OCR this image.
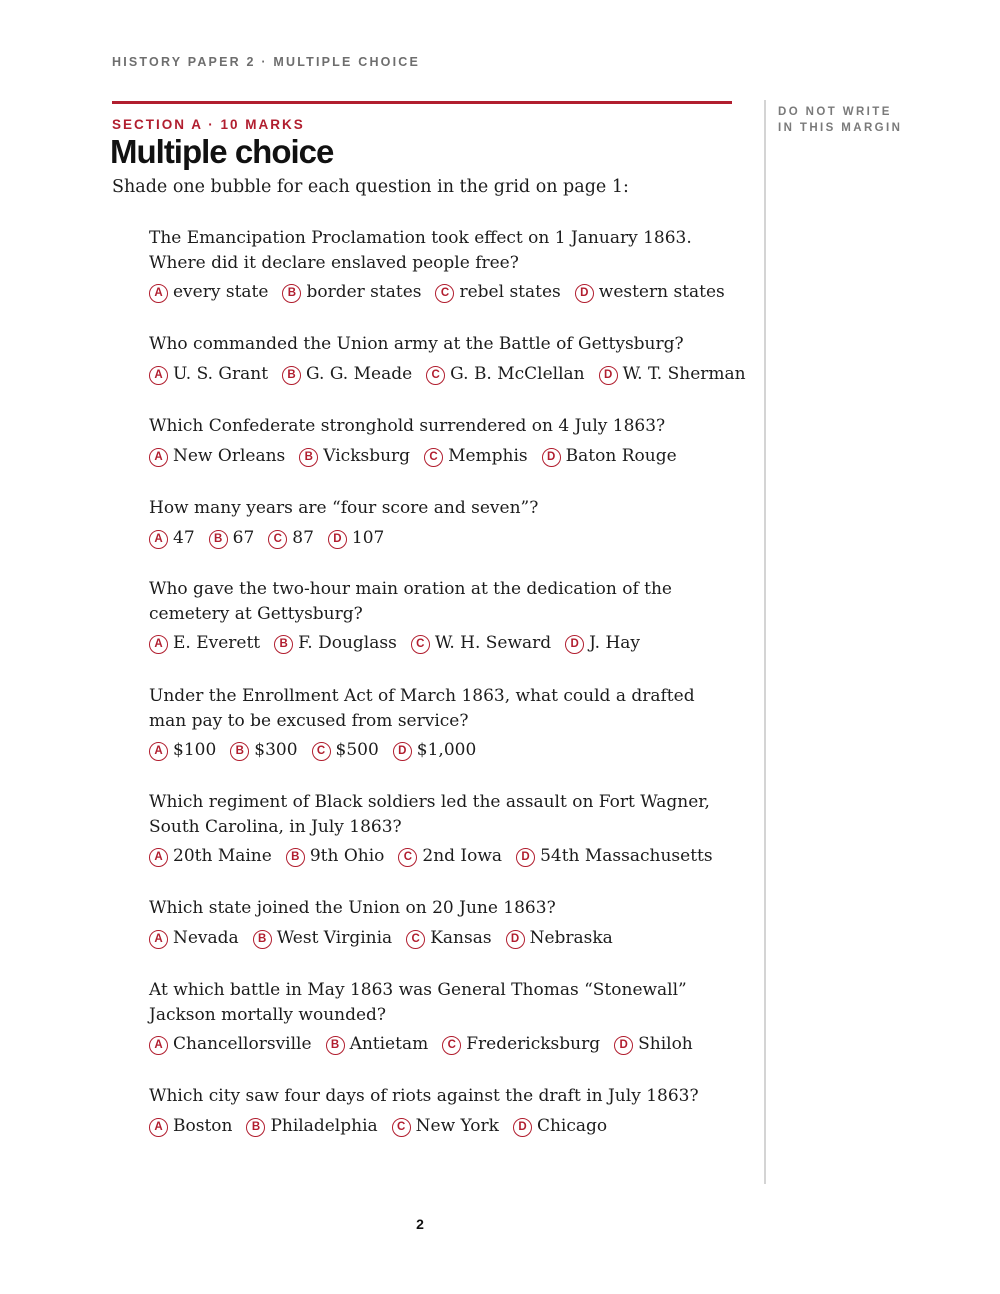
HISTORY PAPER 2 · MULTIPLE CHOICE
SECTION A · 10 MARKS
Multiple choice
Shade one bubble for each question in the grid on page 1:
DO NOT WRITE
IN THIS MARGIN
The Emancipation Proclamation took effect on 1 January 1863. Where did it declare enslaved people free?
A every state B border states C rebel states D western states
Who commanded the Union army at the Battle of Gettysburg?
A U. S. Grant B G. G. Meade C G. B. McClellan D W. T. Sherman
Which Confederate stronghold surrendered on 4 July 1863?
A New Orleans B Vicksburg C Memphis D Baton Rouge
How many years are “four score and seven”?
A 47 B 67 C 87 D 107
Who gave the two-hour main oration at the dedication of the cemetery at Gettysburg?
A E. Everett B F. Douglass C W. H. Seward D J. Hay
Under the Enrollment Act of March 1863, what could a drafted man pay to be excused from service?
A $100 B $300 C $500 D $1,000
Which regiment of Black soldiers led the assault on Fort Wagner, South Carolina, in July 1863?
A 20th Maine B 9th Ohio C 2nd Iowa D 54th Massachusetts
Which state joined the Union on 20 June 1863?
A Nevada B West Virginia C Kansas D Nebraska
At which battle in May 1863 was General Thomas “Stonewall” Jackson mortally wounded?
A Chancellorsville B Antietam C Fredericksburg D Shiloh
Which city saw four days of riots against the draft in July 1863?
A Boston B Philadelphia C New York D Chicago
2
